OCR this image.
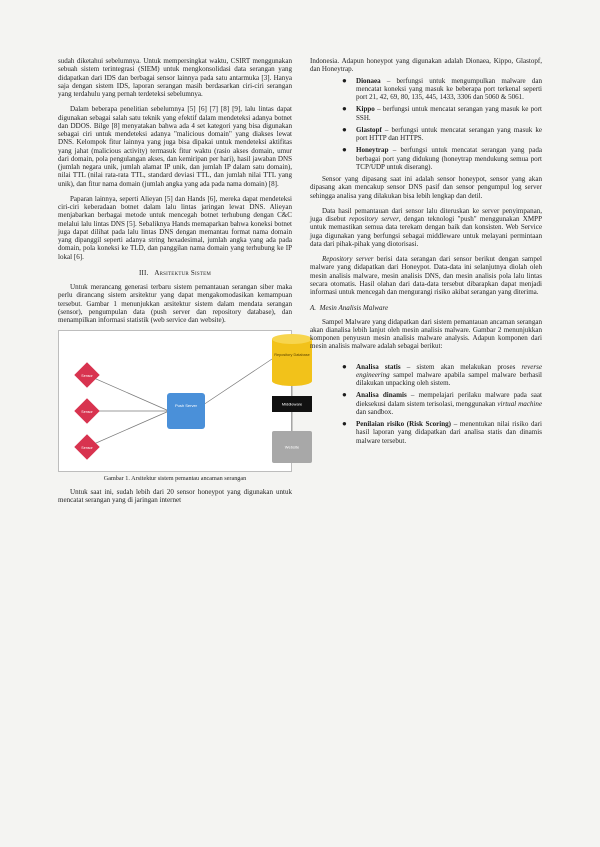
sudah diketahui sebelumnya. Untuk mempersingkat waktu, CSIRT menggunakan sebuah sistem terintegrasi (SIEM) untuk mengkonsolidasi data serangan yang didapatkan dari IDS dan berbagai sensor lainnya pada satu antarmuka [3]. Hanya saja dengan sistem IDS, laporan serangan masih berdasarkan ciri-ciri serangan yang terdahulu yang pernah terdeteksi sebelumnya.

Dalam beberapa penelitian sebelumnya [5] [6] [7] [8] [9], lalu lintas dapat digunakan sebagai salah satu teknik yang efektif dalam mendeteksi adanya botnet dan DDOS. Bilge [8] menyatakan bahwa ada 4 set kategori yang bisa digunakan sebagai ciri untuk mendeteksi adanya "malicious domain" yang diakses lewat DNS. Kelompok fitur lainnya yang juga bisa dipakai untuk mendeteksi aktifitas yang jahat (malicious activity) termasuk fitur waktu (rasio akses domain, umur dari domain, pola pengulangan akses, dan kemiripan per hari), hasil jawaban DNS (jumlah negara unik, jumlah alamat IP unik, dan jumlah IP dalam satu domain), nilai TTL (nilai rata-rata TTL, standard deviasi TTL, dan jumlah nilai TTL yang unik), dan fitur nama domain (jumlah angka yang ada pada nama domain) [8].

Paparan lainnya, seperti Alieyan [5] dan Hands [6], mereka dapat mendeteksi ciri-ciri keberadaan botnet dalam lalu lintas jaringan lewat DNS. Alieyan menjabarkan berbagai metode untuk mencegah botnet terhubung dengan C&C melalui lalu lintas DNS [5]. Sebaliknya Hands memaparkan bahwa koneksi botnet juga dapat dilihat pada lalu lintas DNS dengan memantau format nama domain yang dipanggil seperti adanya string hexadesimal, jumlah angka yang ada pada domain, pola koneksi ke TLD, dan panggilan nama domain yang terhubung ke IP lokal [6].

III. Arsitektur Sistem

Untuk merancang generasi terbaru sistem pemantauan serangan siber maka perlu dirancang sistem arsitektur yang dapat mengakomodasikan kemampuan tersebut. Gambar 1 menunjukkan arsitektur sistem dalam mendata serangan (sensor), pengumpulan data (push server dan repository database), dan menampilkan informasi statistik (web service dan website).

Sensor
Sensor
Sensor
Push Server
Repository Database
Middleware
Website
Gambar 1. Arsitektur sistem pemantau ancaman serangan

Untuk saat ini, sudah lebih dari 20 sensor honeypot yang digunakan untuk mencatat serangan yang di jaringan internet

Indonesia. Adapun honeypot yang digunakan adalah Dionaea, Kippo, Glastopf, dan Honeytrap.

● Dionaea – berfungsi untuk mengumpulkan malware dan mencatat koneksi yang masuk ke beberapa port terkenal seperti port 21, 42, 69, 80, 135, 445, 1433, 3306 dan 5060 & 5061.
● Kippo – berfungsi untuk mencatat serangan yang masuk ke port SSH.
● Glastopf – berfungsi untuk mencatat serangan yang masuk ke port HTTP dan HTTPS.
● Honeytrap – berfungsi untuk mencatat serangan yang pada berbagai port yang didukung (honeytrap mendukung semua port TCP/UDP untuk diserang).

Sensor yang dipasang saat ini adalah sensor honeypot, sensor yang akan dipasang akan mencakup sensor DNS pasif dan sensor pengumpul log server sehingga analisa yang dilakukan bisa lebih lengkap dan detil.

Data hasil pemantauan dari sensor lalu diteruskan ke server penyimpanan, juga disebut repository server, dengan teknologi "push" menggunakan XMPP untuk memastikan semua data terekam dengan baik dan konsisten. Web Service juga digunakan yang berfungsi sebagai middleware untuk melayani permintaan data dari pihak-pihak yang diotorisasi.

Repository server berisi data serangan dari sensor berikut dengan sampel malware yang didapatkan dari Honeypot. Data-data ini selanjutnya diolah oleh mesin analisis malware, mesin analisis DNS, dan mesin analisis pola lalu lintas secara otomatis. Hasil olahan dari data-data tersebut dibarapkan dapat menjadi informasi untuk mencegah dan mengurangi risiko akibat serangan yang diterima.

A. Mesin Analisis Malware

Sampel Malware yang didapatkan dari sistem pemantauan ancaman serangan akan dianalisa lebih lanjut oleh mesin analisis malware. Gambar 2 menunjukkan komponen penyusun mesin analisis malware analysis. Adapun komponen dari mesin analisis malware adalah sebagai berikut:

● Analisa statis – sistem akan melakukan proses reverse engineering sampel malware apabila sampel malware berhasil dilakukan unpacking oleh sistem.
● Analisa dinamis – mempelajari perilaku malware pada saat dieksekusi dalam sistem terisolasi, menggunakan virtual machine dan sandbox.
● Penilaian risiko (Risk Scoring) – menentukan nilai risiko dari hasil laporan yang didapatkan dari analisa statis dan dinamis malware tersebut.
